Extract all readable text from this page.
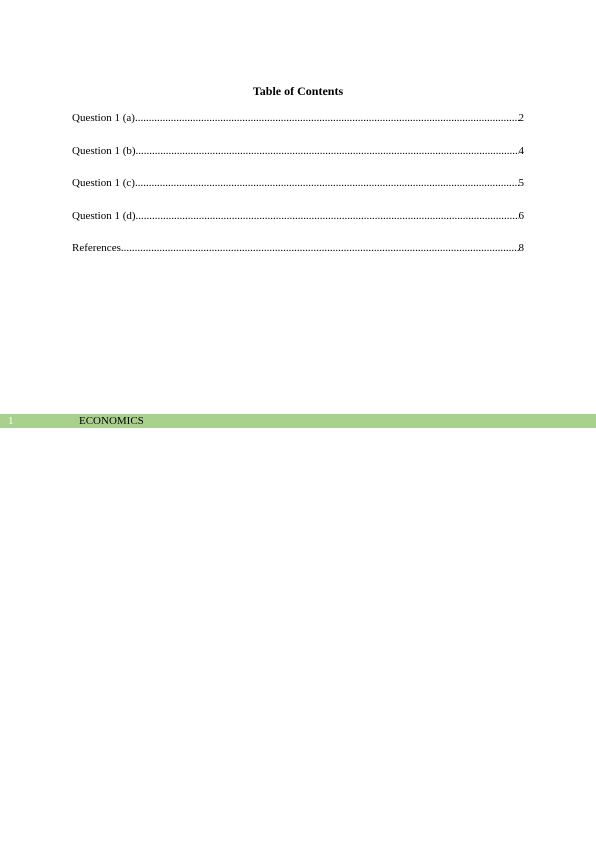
Table of Contents
Question 1 (a) .....	2
Question 1 (b) .....	4
Question 1 (c) .....	5
Question 1 (d) .....	6
References .....	8
1	ECONOMICS
